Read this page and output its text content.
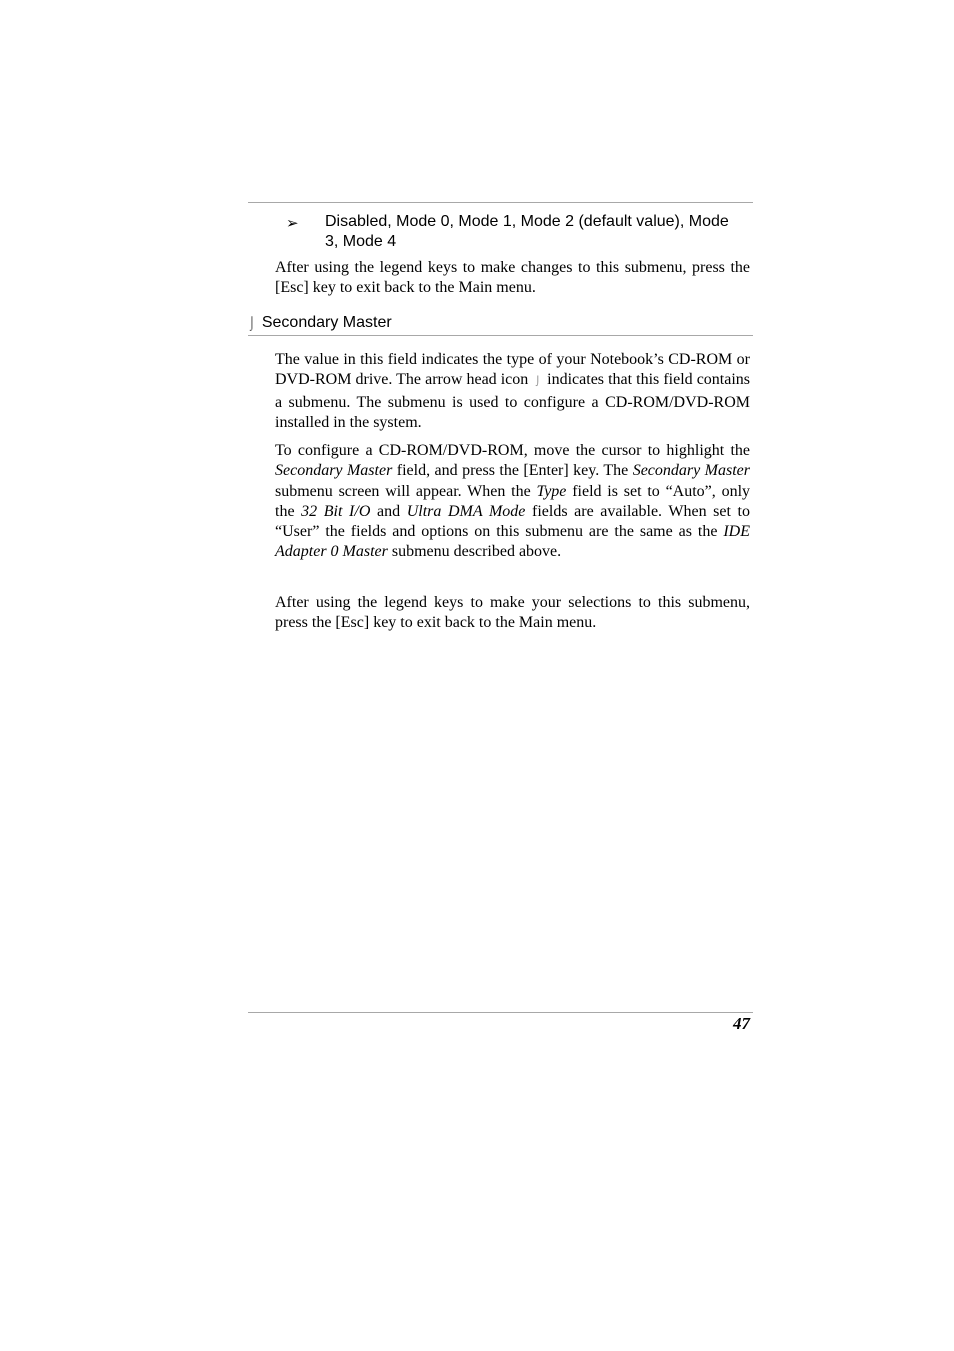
➢ Disabled, Mode 0, Mode 1, Mode 2 (default value), Mode 3, Mode 4

After using the legend keys to make changes to this submenu, press the [Esc] key to exit back to the Main menu.

⌡ Secondary Master

The value in this field indicates the type of your Notebook’s CD-ROM or DVD-ROM drive. The arrow head icon ⌡ indicates that this field contains a submenu. The submenu is used to configure a CD-ROM/DVD-ROM installed in the system.

To configure a CD-ROM/DVD-ROM, move the cursor to highlight the Secondary Master field, and press the [Enter] key. The Secondary Master submenu screen will appear. When the Type field is set to “Auto”, only the 32 Bit I/O and Ultra DMA Mode fields are available. When set to “User” the fields and options on this submenu are the same as the IDE Adapter 0 Master submenu described above.

After using the legend keys to make your selections to this submenu, press the [Esc] key to exit back to the Main menu.

47
